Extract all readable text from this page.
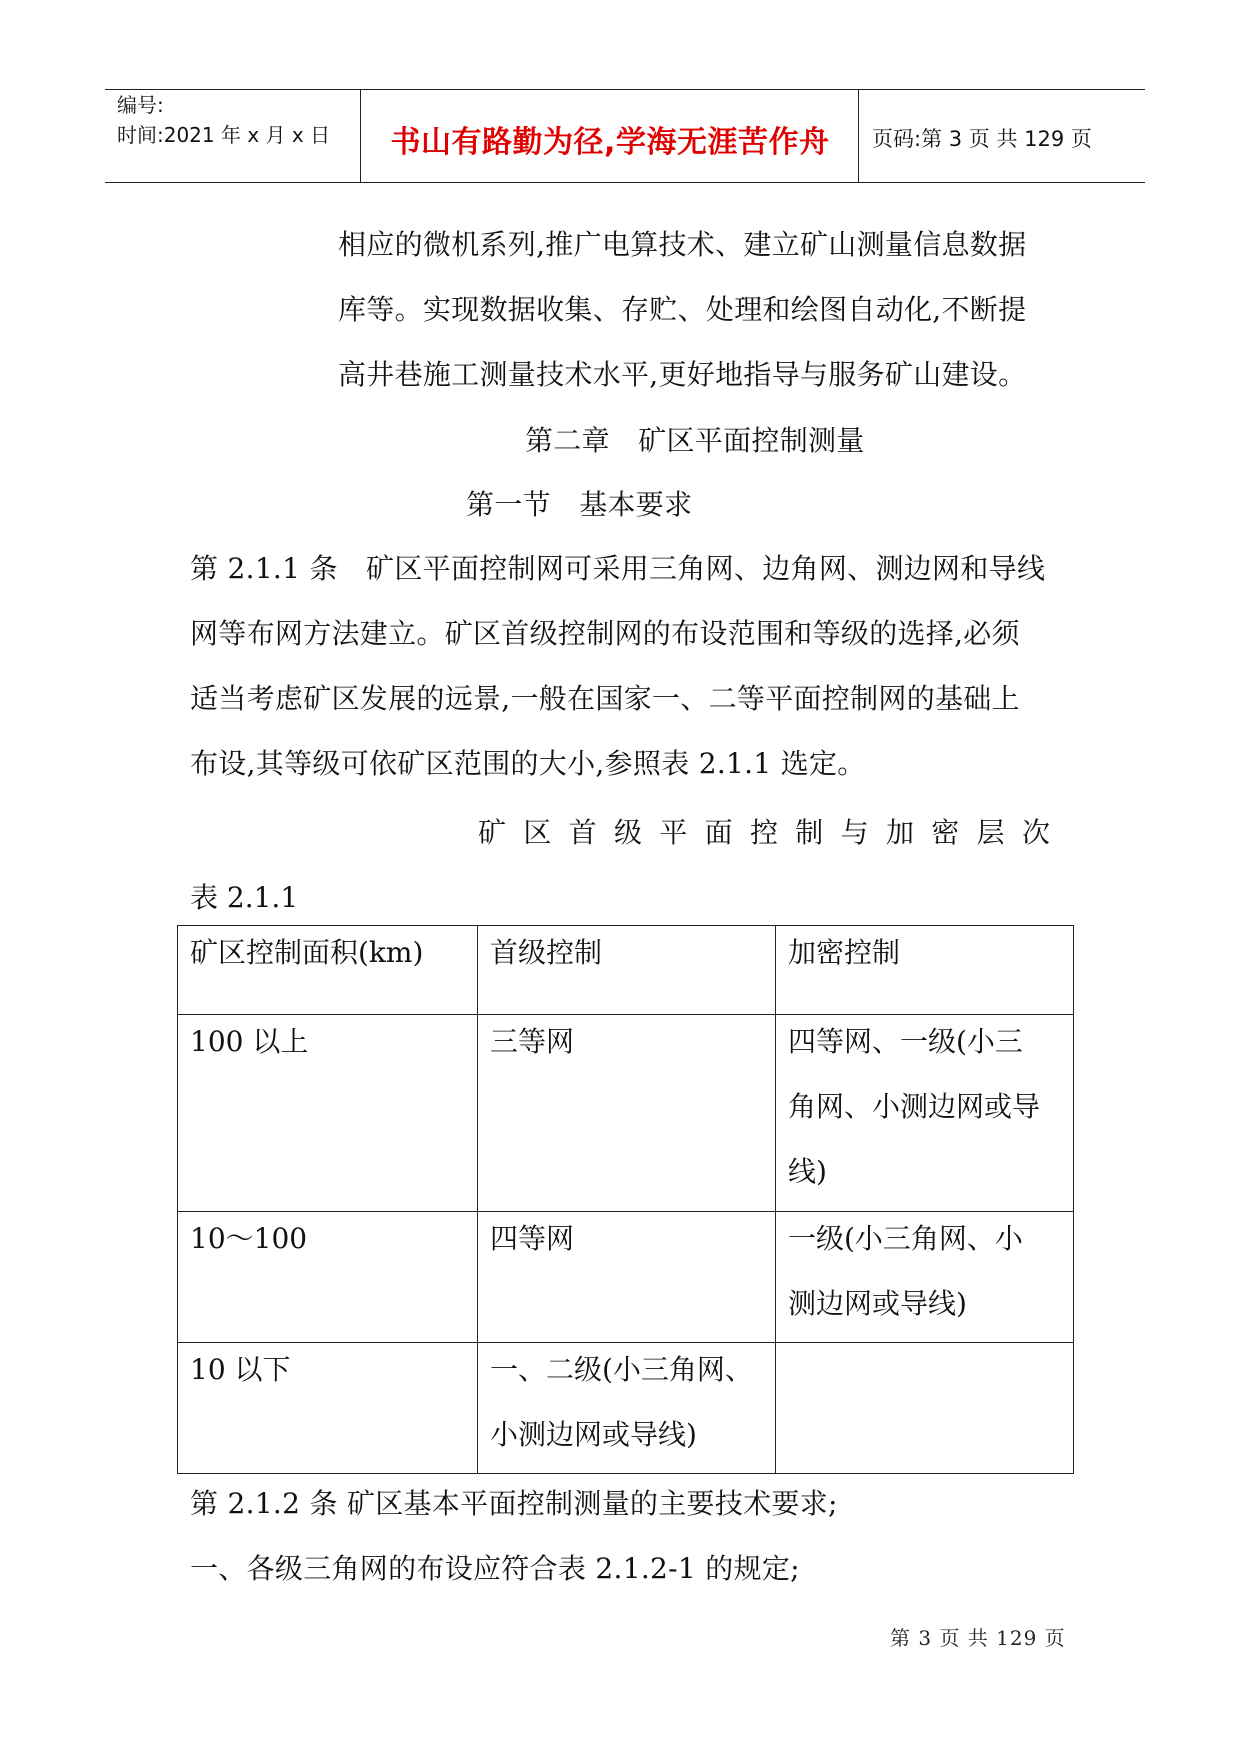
编号:
时间:2021 年 x 月 x 日	书山有路勤为径,学海无涯苦作舟	页码:第 3 页 共 129 页
相应的微机系列,推广电算技术、建立矿山测量信息数据
库等。实现数据收集、存贮、处理和绘图自动化,不断提
高井巷施工测量技术水平,更好地指导与服务矿山建设。
第二章　矿区平面控制测量
第一节　基本要求
第 2.1.1 条　矿区平面控制网可采用三角网、边角网、测边网和导线
网等布网方法建立。矿区首级控制网的布设范围和等级的选择,必须
适当考虑矿区发展的远景,一般在国家一、二等平面控制网的基础上
布设,其等级可依矿区范围的大小,参照表 2.1.1 选定。
矿 区 首 级 平 面 控 制 与 加 密 层 次
表 2.1.1
矿区控制面积(km)	首级控制	加密控制

100 以上	三等网	四等网、一级(小三
角网、小测边网或导
线)

10～100	四等网	一级(小三角网、小
测边网或导线)

10 以下	一、二级(小三角网、
小测边网或导线)	

第 2.1.2 条 矿区基本平面控制测量的主要技术要求;
一、各级三角网的布设应符合表 2.1.2-1 的规定;
第 3 页 共 129 页
